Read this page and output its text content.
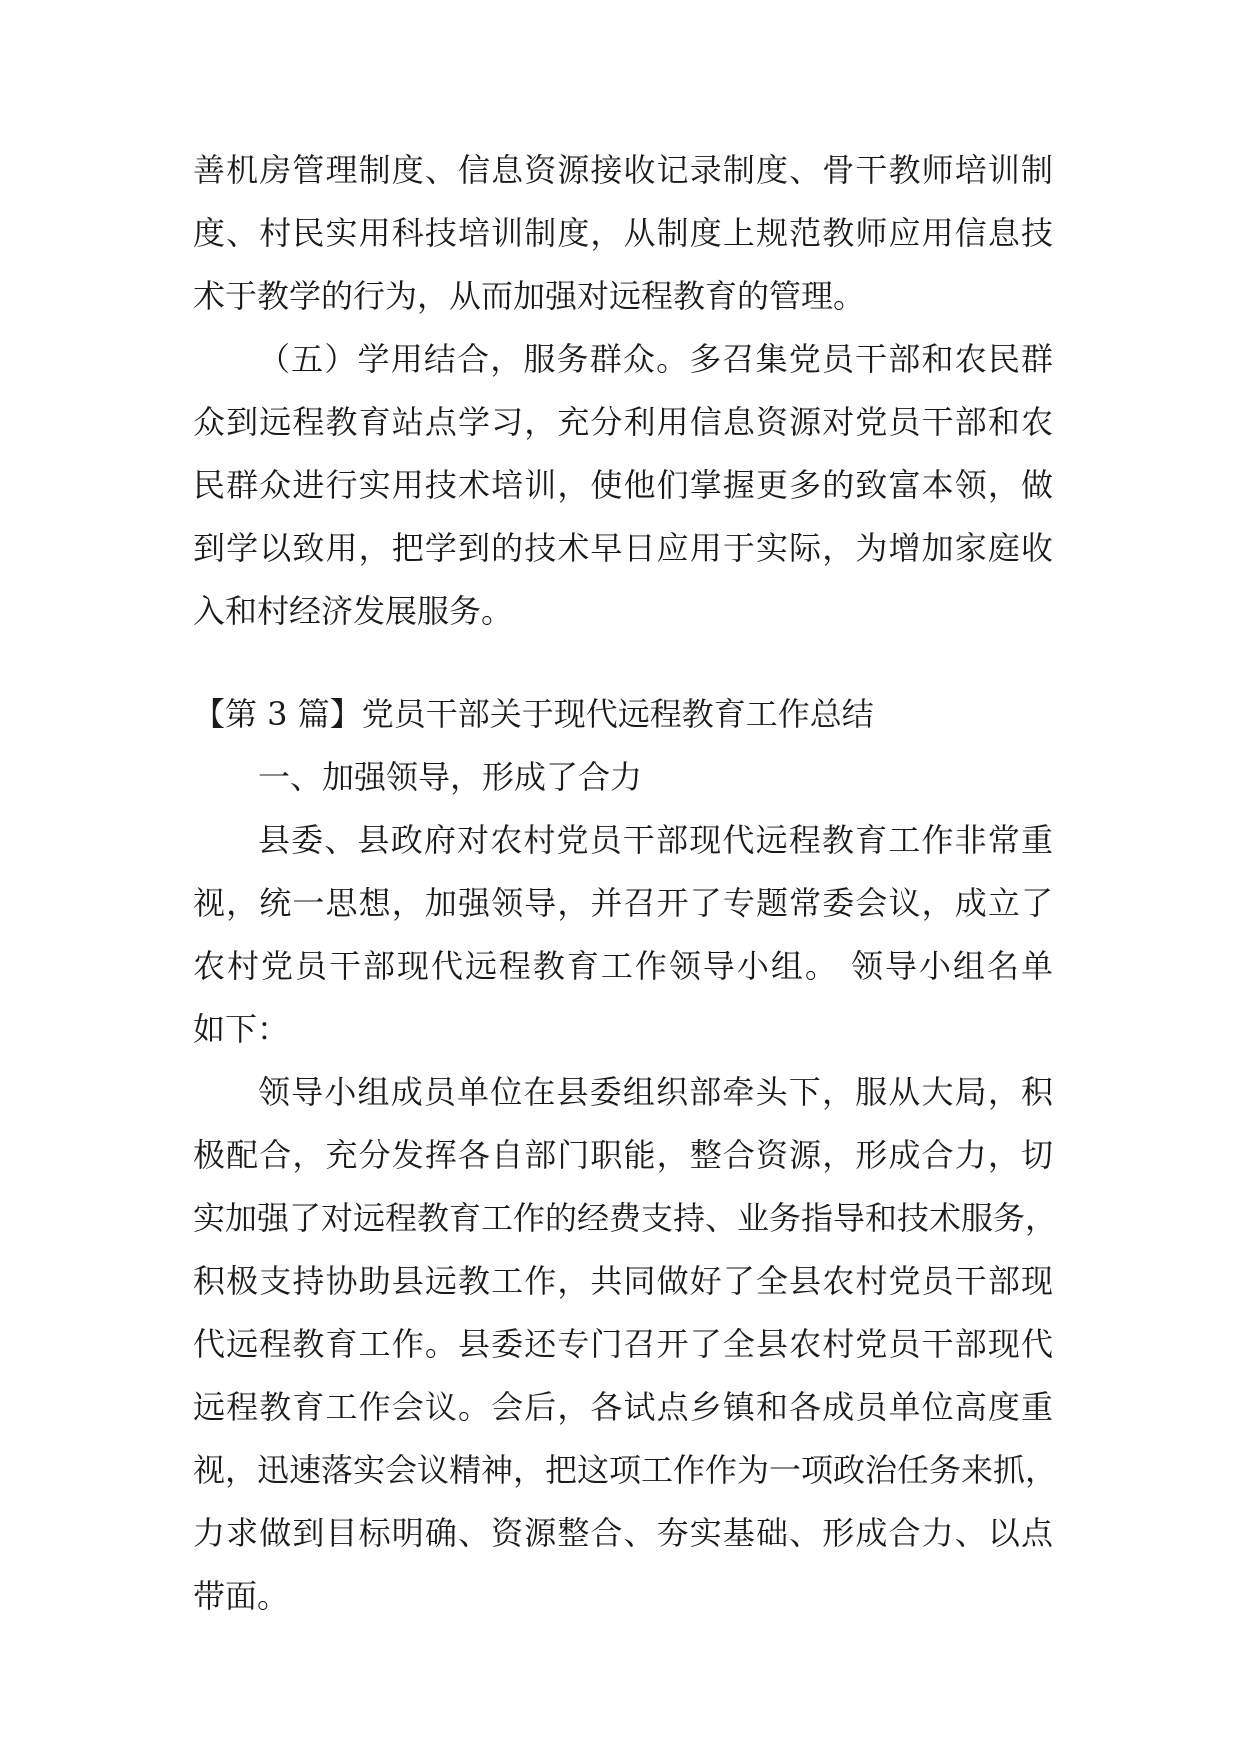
善机房管理制度、信息资源接收记录制度、骨干教师培训制
度、村民实用科技培训制度，从制度上规范教师应用信息技
术于教学的行为，从而加强对远程教育的管理。
（五）学用结合，服务群众。多召集党员干部和农民群
众到远程教育站点学习，充分利用信息资源对党员干部和农
民群众进行实用技术培训，使他们掌握更多的致富本领，做
到学以致用，把学到的技术早日应用于实际，为增加家庭收
入和村经济发展服务。
【第 3 篇】党员干部关于现代远程教育工作总结
一、加强领导，形成了合力
县委、县政府对农村党员干部现代远程教育工作非常重
视，统一思想，加强领导，并召开了专题常委会议，成立了
农村党员干部现代远程教育工作领导小组。 领导小组名单
如下：
领导小组成员单位在县委组织部牵头下，服从大局，积
极配合，充分发挥各自部门职能，整合资源，形成合力，切
实加强了对远程教育工作的经费支持、业务指导和技术服务，
积极支持协助县远教工作，共同做好了全县农村党员干部现
代远程教育工作。县委还专门召开了全县农村党员干部现代
远程教育工作会议。会后，各试点乡镇和各成员单位高度重
视，迅速落实会议精神，把这项工作作为一项政治任务来抓，
力求做到目标明确、资源整合、夯实基础、形成合力、以点
带面。
